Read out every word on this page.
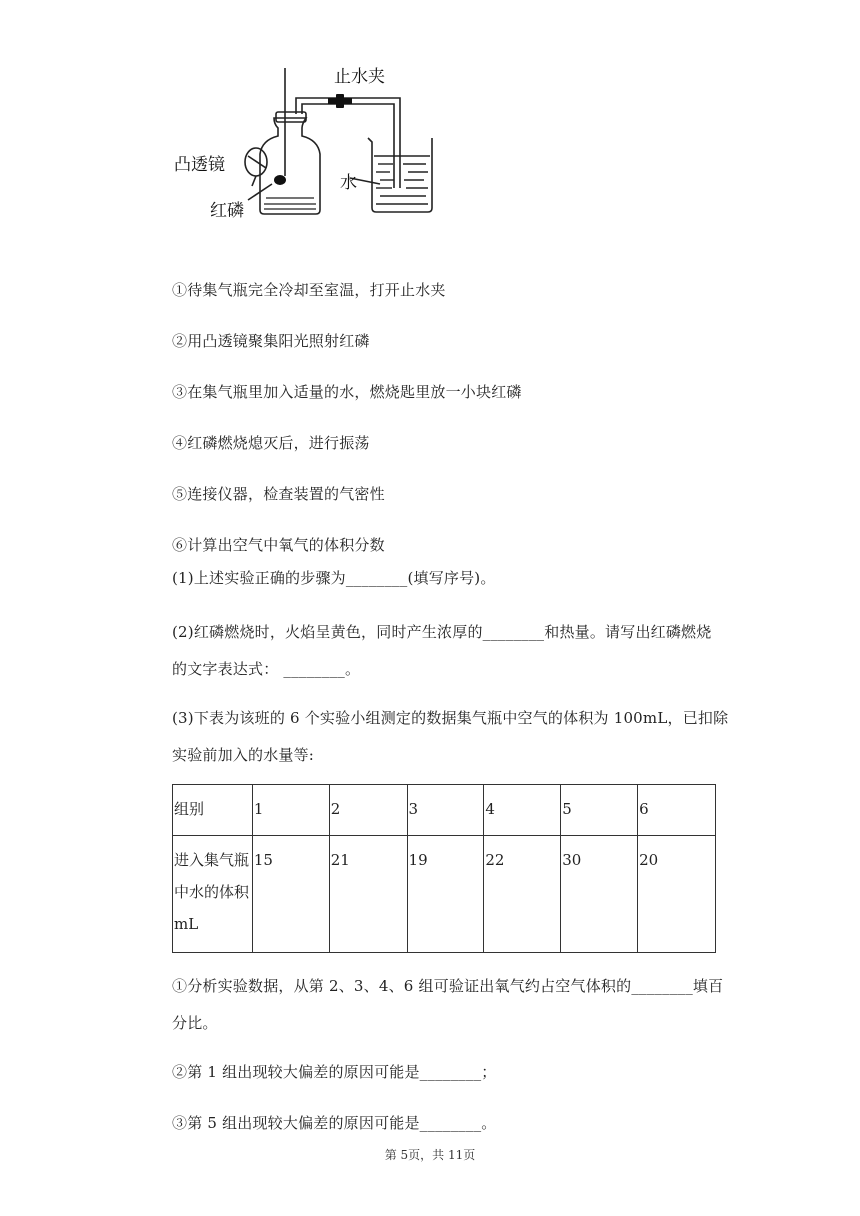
止水夹
凸透镜
红磷
水
①待集气瓶完全冷却至室温，打开止水夹
②用凸透镜聚集阳光照射红磷
③在集气瓶里加入适量的水，燃烧匙里放一小块红磷
④红磷燃烧熄灭后，进行振荡
⑤连接仪器，检查装置的气密性
⑥计算出空气中氧气的体积分数
(1)上述实验正确的步骤为________(填写序号)。
(2)红磷燃烧时，火焰呈黄色，同时产生浓厚的________和热量。请写出红磷燃烧
的文字表达式： ________。
(3)下表为该班的 6 个实验小组测定的数据集气瓶中空气的体积为 100mL，已扣除
实验前加入的水量等:
组别	1	2	3	4	5	6

进入集气瓶
中水的体积
mL	15	21	19	22	30	20
①分析实验数据，从第 2、3、4、6 组可验证出氧气约占空气体积的________填百
分比。
②第 1 组出现较大偏差的原因可能是________；
③第 5 组出现较大偏差的原因可能是________。
第 5页，共 11页
